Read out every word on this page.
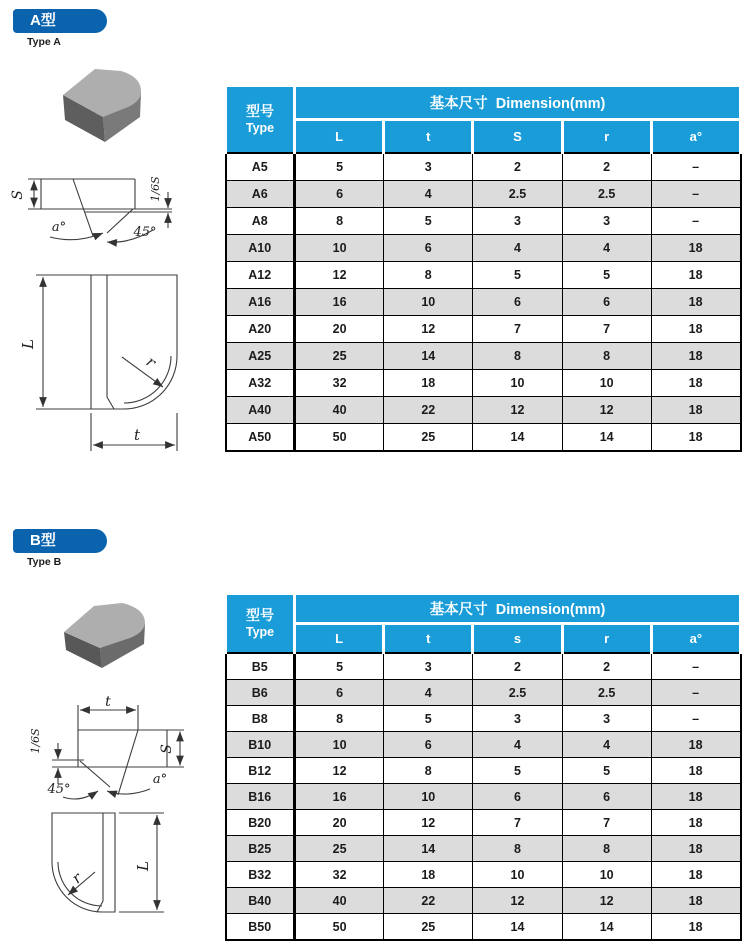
A型
Type A
S	1/6S
a°	45°
L
r
t
型号
Type	基本尺寸  Dimension(mm)				
	L	t	S	r	a°
A5	5	3	2	2	–
A6	6	4	2.5	2.5	–
A8	8	5	3	3	–
A10	10	6	4	4	18
A12	12	8	5	5	18
A16	16	10	6	6	18
A20	20	12	7	7	18
A25	25	14	8	8	18
A32	32	18	10	10	18
A40	40	22	12	12	18
A50	50	25	14	14	18
B型
Type B
t
1/6S	S
a°
45°
r
L
型号
Type	基本尺寸  Dimension(mm)				
	L	t	s	r	a°
B5	5	3	2	2	–
B6	6	4	2.5	2.5	–
B8	8	5	3	3	–
B10	10	6	4	4	18
B12	12	8	5	5	18
B16	16	10	6	6	18
B20	20	12	7	7	18
B25	25	14	8	8	18
B32	32	18	10	10	18
B40	40	22	12	12	18
B50	50	25	14	14	18
